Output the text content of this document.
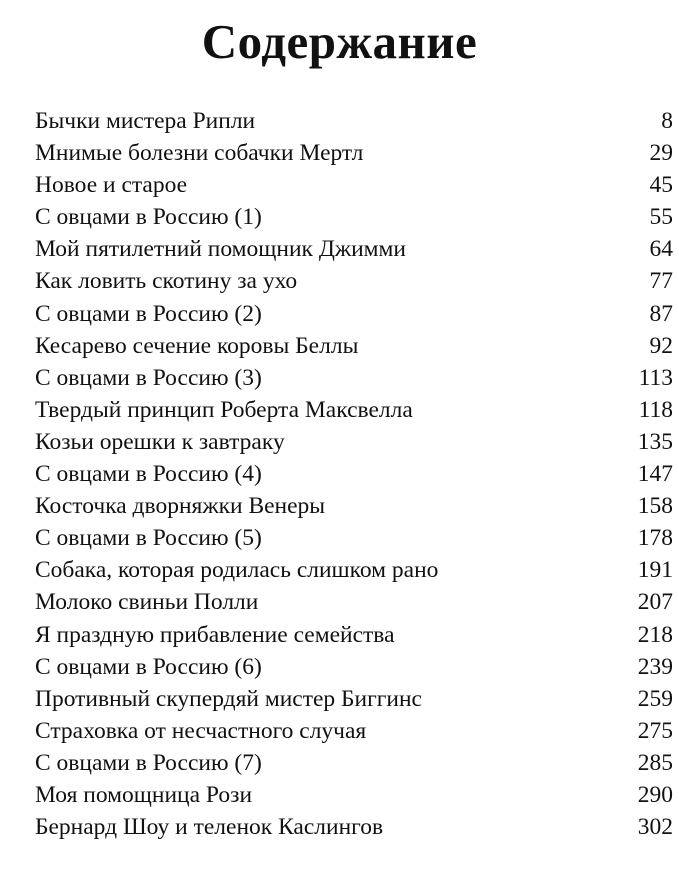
Содержание
Бычки мистера Рипли	8
Мнимые болезни собачки Мертл	29
Новое и старое	45
С овцами в Россию (1)	55
Мой пятилетний помощник Джимми	64
Как ловить скотину за ухо	77
С овцами в Россию (2)	87
Кесарево сечение коровы Беллы	92
С овцами в Россию (3)	113
Твердый принцип Роберта Максвелла	118
Козьи орешки к завтраку	135
С овцами в Россию (4)	147
Косточка дворняжки Венеры	158
С овцами в Россию (5)	178
Собака, которая родилась слишком рано	191
Молоко свиньи Полли	207
Я праздную прибавление семейства	218
С овцами в Россию (6)	239
Противный скупердяй мистер Биггинс	259
Страховка от несчастного случая	275
С овцами в Россию (7)	285
Моя помощница Рози	290
Бернард Шоу и теленок Каслингов	302
